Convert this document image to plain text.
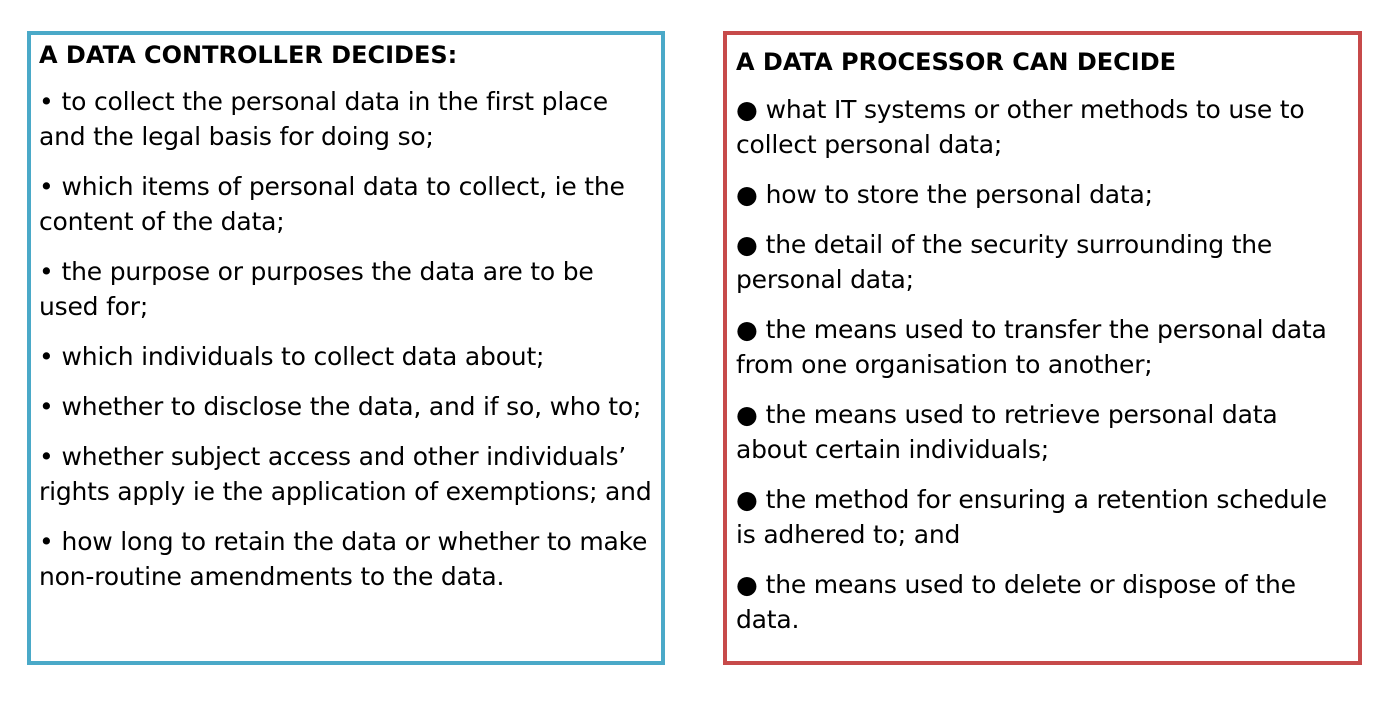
A DATA CONTROLLER DECIDES:
• to collect the personal data in the first place and the legal basis for doing so;
• which items of personal data to collect, ie the content of the data;
• the purpose or purposes the data are to be used for;
• which individuals to collect data about;
• whether to disclose the data, and if so, who to;
• whether subject access and other individuals’ rights apply ie the application of exemptions; and
• how long to retain the data or whether to make non-routine amendments to the data.
A DATA PROCESSOR CAN DECIDE
● what IT systems or other methods to use to collect personal data;
● how to store the personal data;
● the detail of the security surrounding the personal data;
● the means used to transfer the personal data from one organisation to another;
● the means used to retrieve personal data about certain individuals;
● the method for ensuring a retention schedule is adhered to; and
● the means used to delete or dispose of the data.
